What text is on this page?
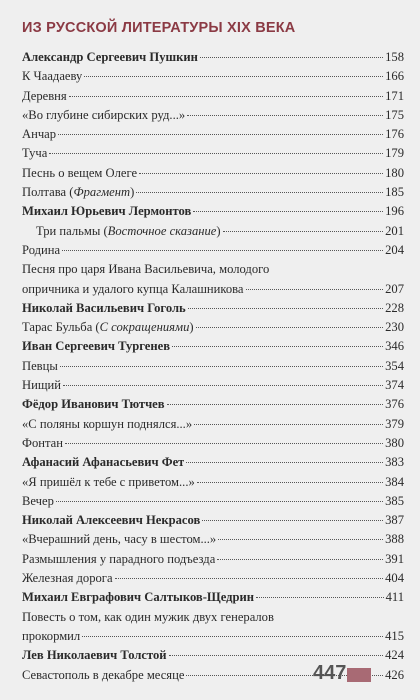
ИЗ РУССКОЙ ЛИТЕРАТУРЫ XIX ВЕКА
Александр Сергеевич Пушкин	158
К Чаадаеву	166
Деревня	171
«Во глубине сибирских руд...»	175
Анчар	176
Туча	179
Песнь о вещем Олеге	180
Полтава (Фрагмент)	185
Михаил Юрьевич Лермонтов	196
Три пальмы (Восточное сказание)	201
Родина	204
Песня про царя Ивана Васильевича, молодого
опричника и удалого купца Калашникова	207
Николай Васильевич Гоголь	228
Тарас Бульба (С сокращениями)	230
Иван Сергеевич Тургенев	346
Певцы	354
Нищий	374
Фёдор Иванович Тютчев	376
«С поляны коршун поднялся...»	379
Фонтан	380
Афанасий Афанасьевич Фет	383
«Я пришёл к тебе с приветом...»	384
Вечер	385
Николай Алексеевич Некрасов	387
«Вчерашний день, часу в шестом...»	388
Размышления у парадного подъезда	391
Железная дорога	404
Михаил Евграфович Салтыков-Щедрин	411
Повесть о том, как один мужик двух генералов
прокормил	415
Лев Николаевич Толстой	424
Севастополь в декабре месяце	426
447
